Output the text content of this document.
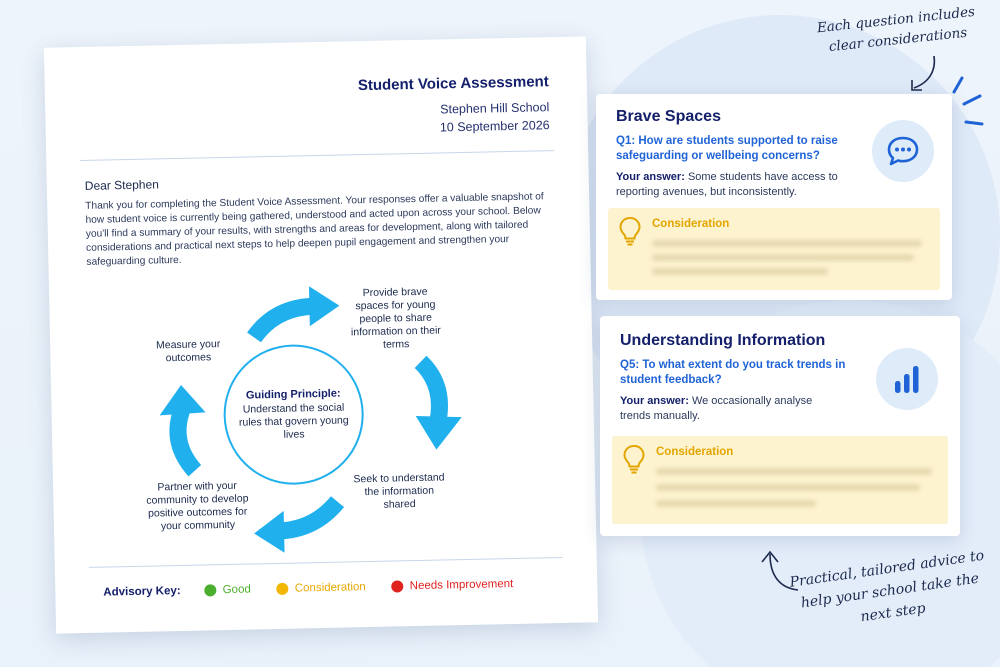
Student Voice Assessment
Stephen Hill School
10 September 2026
Dear Stephen
Thank you for completing the Student Voice Assessment. Your responses offer a valuable snapshot of how student voice is currently being gathered, understood and acted upon across your school. Below you'll find a summary of your results, with strengths and areas for development, along with tailored considerations and practical next steps to help deepen pupil engagement and strengthen your safeguarding culture.
Guiding Principle:
Understand the social rules that govern young lives
Provide brave spaces for young people to share information on their terms
Seek to understand the information shared
Partner with your community to develop positive outcomes for your community
Measure your outcomes
Advisory Key:	Good	Consideration	Needs Improvement
Brave Spaces
Q1: How are students supported to raise safeguarding or wellbeing concerns?
Your answer: Some students have access to reporting avenues, but inconsistently.
Consideration
Understanding Information
Q5: To what extent do you track trends in student feedback?
Your answer: We occasionally analyse trends manually.
Consideration
Each question includes clear considerations
Practical, tailored advice to help your school take the next step
